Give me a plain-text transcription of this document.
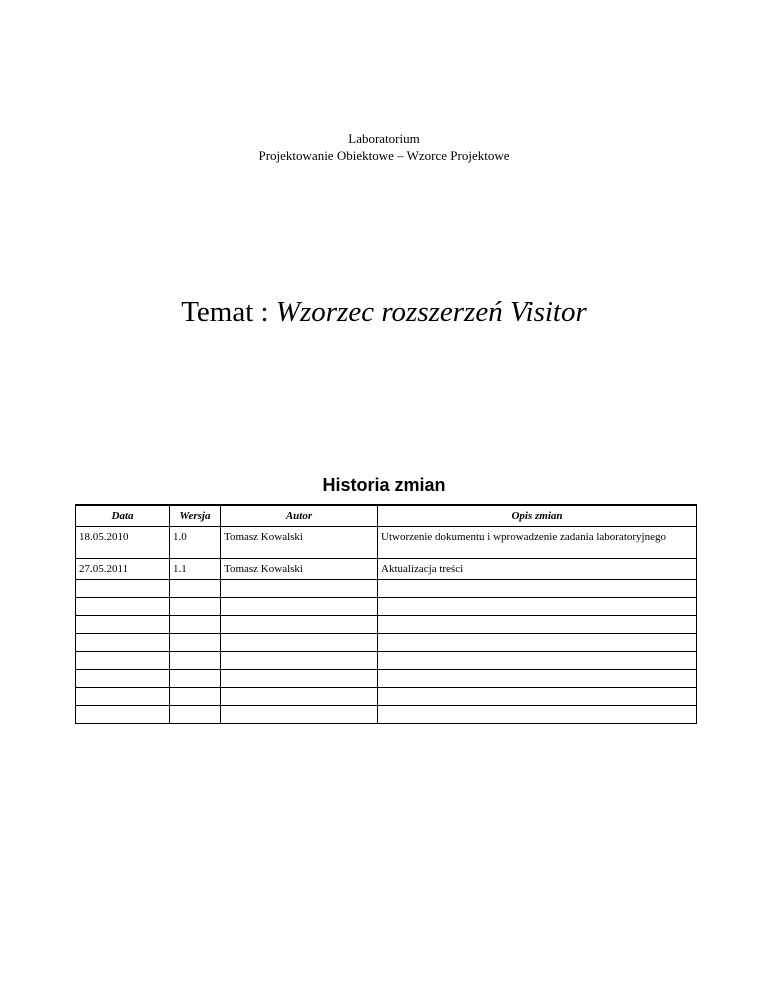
Laboratorium
Projektowanie Obiektowe – Wzorce Projektowe
Temat : Wzorzec rozszerzeń Visitor
Historia zmian
Data	Wersja	Autor	Opis zmian
18.05.2010	1.0	Tomasz Kowalski	Utworzenie dokumentu i wprowadzenie zadania laboratoryjnego
27.05.2011	1.1	Tomasz Kowalski	Aktualizacja treści
